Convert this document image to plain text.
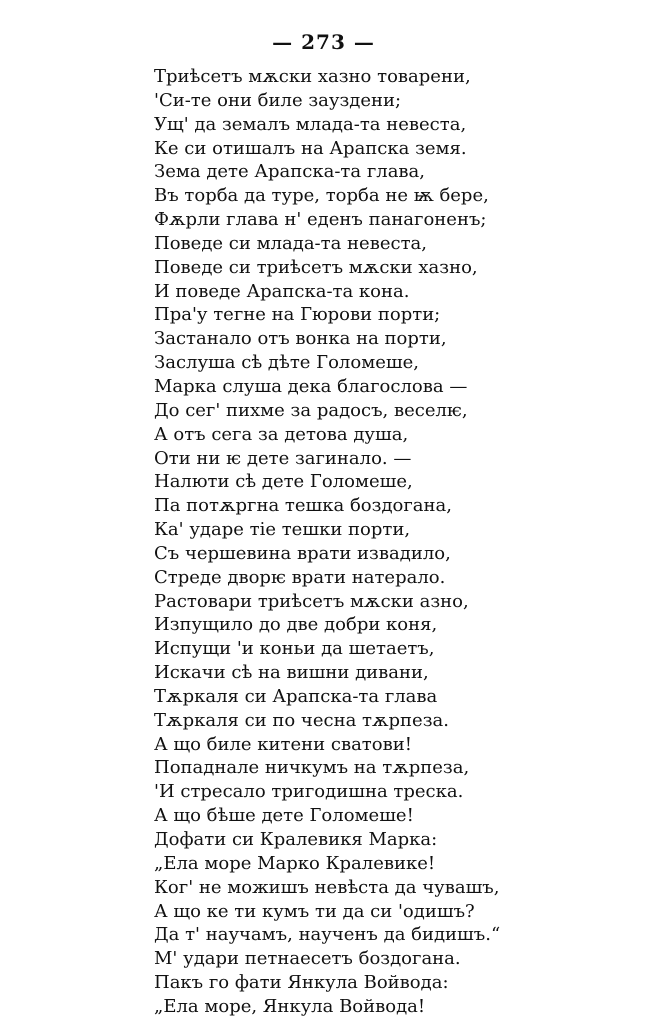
— 273 —
Триѣсетъ мѫски хазно товарени,
'Си-те они биле зауздени;
Ущ' да земалъ млада-та невеста,
Ке си отишалъ на Арапска земя.
Зема дете Арапска-та глава,
Въ торба да туре, торба не ѭ бере,
Фѫрли глава н' еденъ панагоненъ;
Поведе си млада-та невеста,
Поведе си триѣсетъ мѫски хазно,
И поведе Арапска-та кона.
Пра'у тегне на Гюрови порти;
Застанало отъ вонка на порти,
Заслуша сѣ дѣте Голомеше,
Марка слуша дека благослова —
До сег' пихме за радосъ, веселѥ,
А отъ сега за детова душа,
Оти ни ѥ дете загинало. —
Налюти сѣ дете Голомеше,
Па потѫргна тешка боздогана,
Ка' ударе тіе тешки порти,
Съ чершевина врати извадило,
Стреде дворѥ врати натерало.
Растовари триѣсетъ мѫски азно,
Изпущило до две добри коня,
Испущи 'и коньи да шетаетъ,
Искачи сѣ на вишни дивани,
Тѫркаля си Арапска-та глава
Тѫркаля си по чесна тѫрпеза.
А що биле китени сватови!
Попаднале ничкумъ на тѫрпеза,
'И стресало тригодишна треска.
А що бѣше дете Голомеше!
Дофати си Кралевикя Марка:
„Ела море Марко Кралевике!
Ког' не можишъ невѣста да чувашъ,
А що ке ти кумъ ти да си 'одишъ?
Да т' научамъ, наученъ да бидишъ.“
М' удари петнаесетъ боздогана.
Пакъ го фати Янкула Войвода:
„Ела море, Янкула Войвода!
